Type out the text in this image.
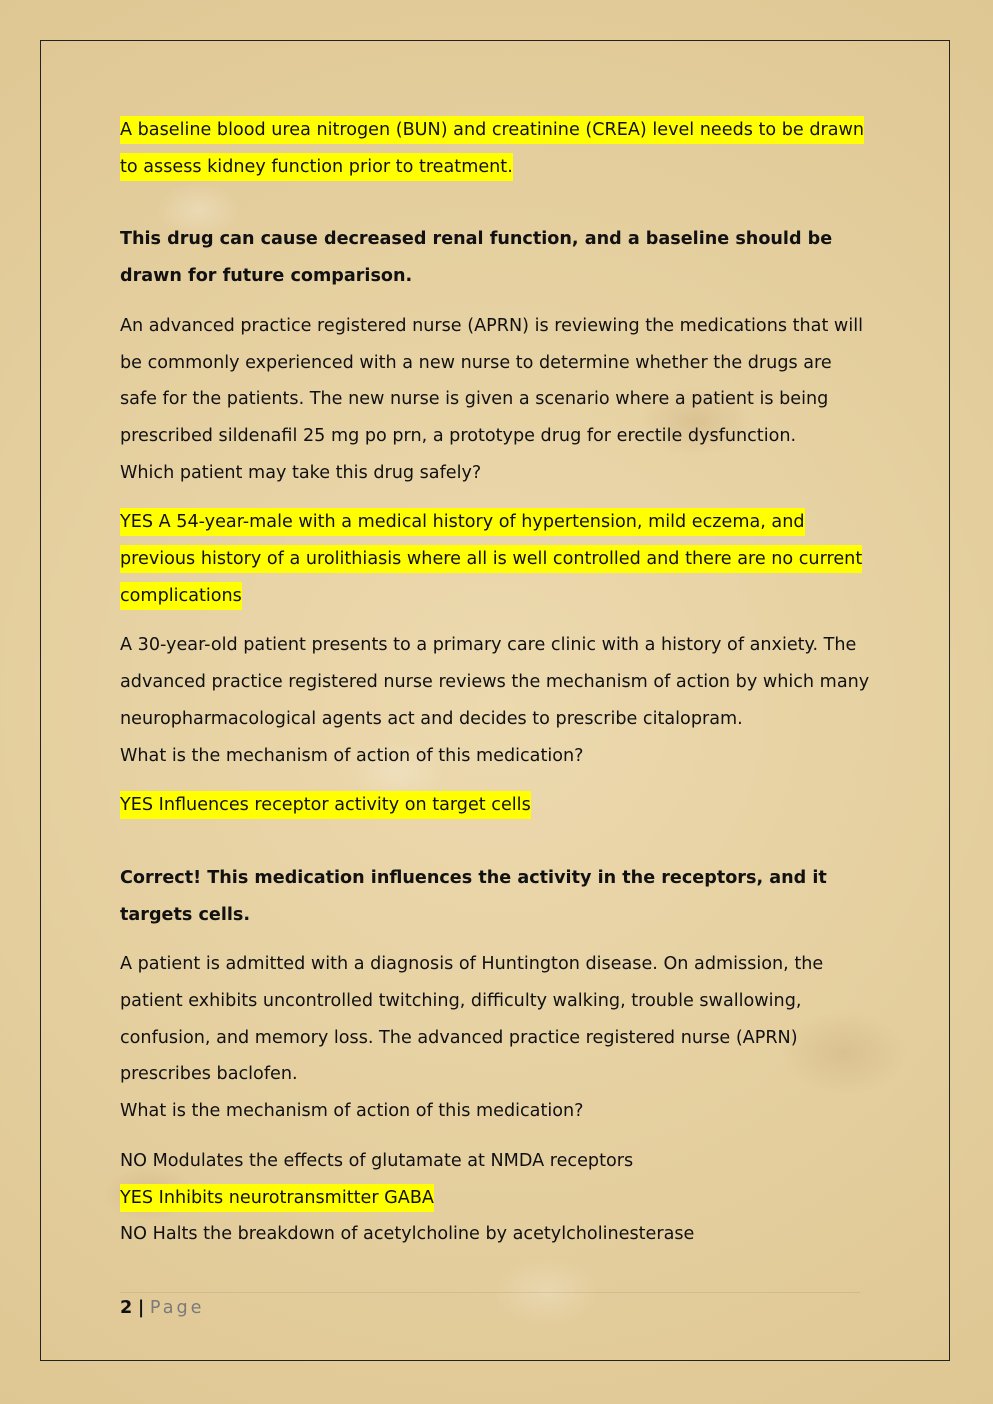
A baseline blood urea nitrogen (BUN) and creatinine (CREA) level needs to be drawn to assess kidney function prior to treatment.

This drug can cause decreased renal function, and a baseline should be drawn for future comparison.

An advanced practice registered nurse (APRN) is reviewing the medications that will be commonly experienced with a new nurse to determine whether the drugs are safe for the patients. The new nurse is given a scenario where a patient is being prescribed sildenafil 25 mg po prn, a prototype drug for erectile dysfunction.

Which patient may take this drug safely?

YES A 54-year-male with a medical history of hypertension, mild eczema, and previous history of a urolithiasis where all is well controlled and there are no current complications

A 30-year-old patient presents to a primary care clinic with a history of anxiety. The advanced practice registered nurse reviews the mechanism of action by which many neuropharmacological agents act and decides to prescribe citalopram.

What is the mechanism of action of this medication?

YES Influences receptor activity on target cells

Correct! This medication influences the activity in the receptors, and it targets cells.

A patient is admitted with a diagnosis of Huntington disease. On admission, the patient exhibits uncontrolled twitching, difficulty walking, trouble swallowing, confusion, and memory loss. The advanced practice registered nurse (APRN) prescribes baclofen.

What is the mechanism of action of this medication?

NO Modulates the effects of glutamate at NMDA receptors

YES Inhibits neurotransmitter GABA

NO Halts the breakdown of acetylcholine by acetylcholinesterase

2 | Page
